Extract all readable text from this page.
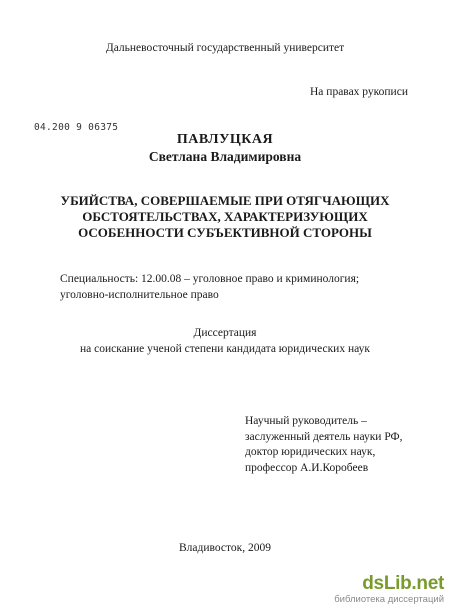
Дальневосточный государственный университет
На правах рукописи
04.200 9 06375
ПАВЛУЦКАЯ
Светлана Владимировна
УБИЙСТВА, СОВЕРШАЕМЫЕ ПРИ ОТЯГЧАЮЩИХ
ОБСТОЯТЕЛЬСТВАХ, ХАРАКТЕРИЗУЮЩИХ
ОСОБЕННОСТИ СУБЪЕКТИВНОЙ СТОРОНЫ
Специальность: 12.00.08 – уголовное право и криминология;
уголовно-исполнительное право
Диссертация
на соискание ученой степени кандидата юридических наук
Научный руководитель –
заслуженный деятель науки РФ,
доктор юридических наук,
профессор А.И.Коробеев
Владивосток, 2009
dsLib.net
библиотека диссертаций
